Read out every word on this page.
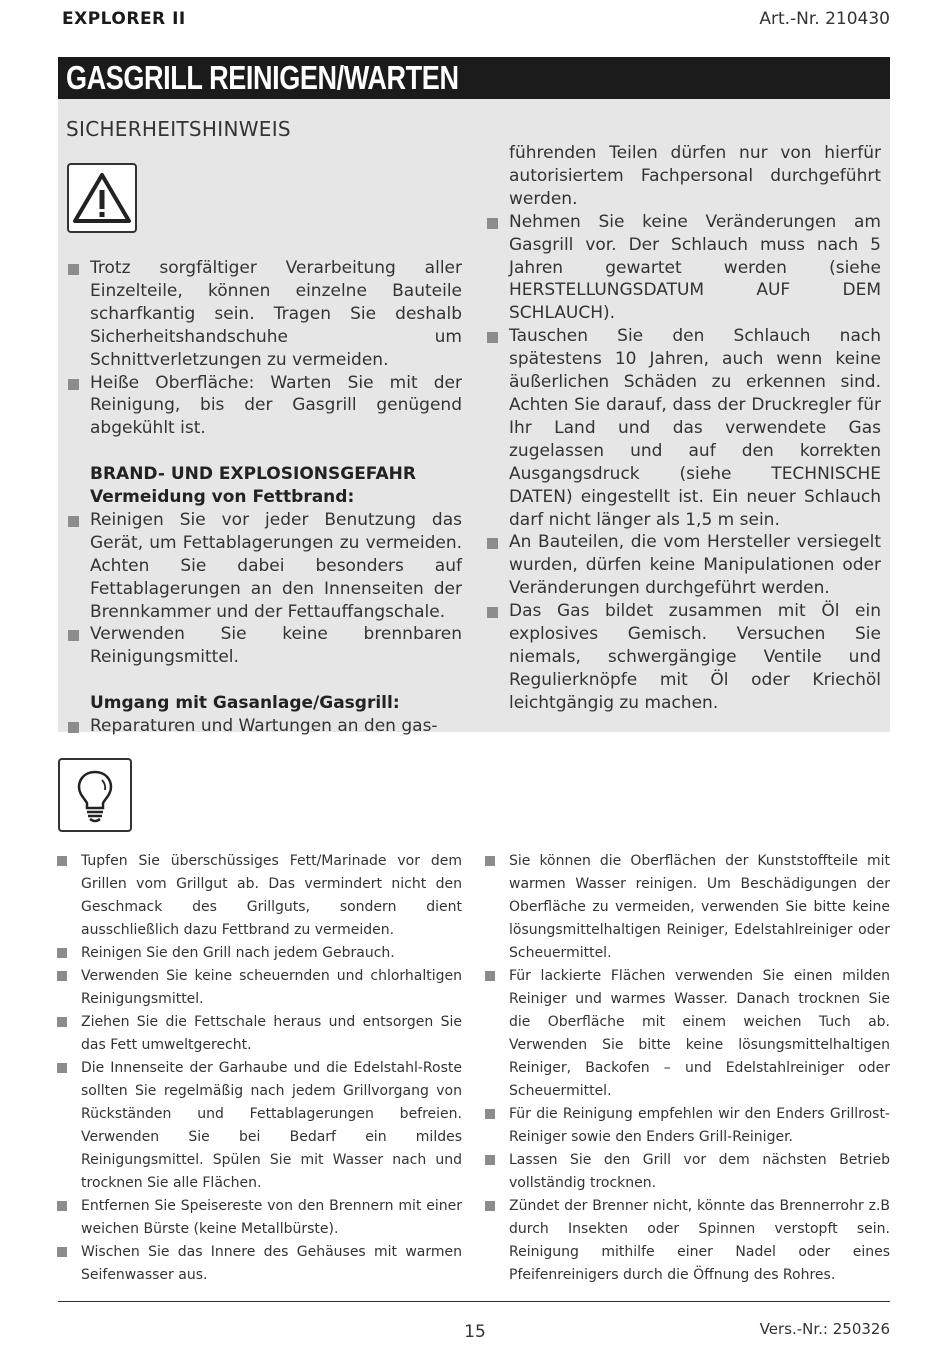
EXPLORER II	Art.-Nr. 210430
GASGRILL REINIGEN/WARTEN
SICHERHEITSHINWEIS
Trotz sorgfältiger Verarbeitung aller Einzelteile, können einzelne Bauteile scharfkantig sein. Tragen Sie deshalb Sicherheitshandschuhe um Schnittverletzungen zu vermeiden.
Heiße Oberfläche: Warten Sie mit der Reinigung, bis der Gasgrill genügend abgekühlt ist.
BRAND- UND EXPLOSIONSGEFAHR
Vermeidung von Fettbrand:
Reinigen Sie vor jeder Benutzung das Gerät, um Fettablagerungen zu vermeiden. Achten Sie dabei besonders auf Fettablagerungen an den Innenseiten der Brennkammer und der Fettauffangschale.
Verwenden Sie keine brennbaren Reinigungsmittel.
Umgang mit Gasanlage/Gasgrill:
Reparaturen und Wartungen an den gas-
führenden Teilen dürfen nur von hierfür autorisiertem Fachpersonal durchgeführt werden.
Nehmen Sie keine Veränderungen am Gasgrill vor. Der Schlauch muss nach 5 Jahren gewartet werden (siehe HERSTELLUNGSDATUM AUF DEM SCHLAUCH).
Tauschen Sie den Schlauch nach spätestens 10 Jahren, auch wenn keine äußerlichen Schäden zu erkennen sind. Achten Sie darauf, dass der Druckregler für Ihr Land und das verwendete Gas zugelassen und auf den korrekten Ausgangsdruck (siehe TECHNISCHE DATEN) eingestellt ist. Ein neuer Schlauch darf nicht länger als 1,5 m sein.
An Bauteilen, die vom Hersteller versiegelt wurden, dürfen keine Manipulationen oder Veränderungen durchgeführt werden.
Das Gas bildet zusammen mit Öl ein explosives Gemisch. Versuchen Sie niemals, schwergängige Ventile und Regulierknöpfe mit Öl oder Kriechöl leichtgängig zu machen.
Tupfen Sie überschüssiges Fett/Marinade vor dem Grillen vom Grillgut ab. Das vermindert nicht den Geschmack des Grillguts, sondern dient ausschließlich dazu Fettbrand zu vermeiden.
Reinigen Sie den Grill nach jedem Gebrauch.
Verwenden Sie keine scheuernden und chlorhaltigen Reinigungsmittel.
Ziehen Sie die Fettschale heraus und entsorgen Sie das Fett umweltgerecht.
Die Innenseite der Garhaube und die Edelstahl-Roste sollten Sie regelmäßig nach jedem Grillvorgang von Rückständen und Fettablagerungen befreien. Verwenden Sie bei Bedarf ein mildes Reinigungsmittel. Spülen Sie mit Wasser nach und trocknen Sie alle Flächen.
Entfernen Sie Speisereste von den Brennern mit einer weichen Bürste (keine Metallbürste).
Wischen Sie das Innere des Gehäuses mit warmen Seifenwasser aus.
Sie können die Oberflächen der Kunststoffteile mit warmen Wasser reinigen. Um Beschädigungen der Oberfläche zu vermeiden, verwenden Sie bitte keine lösungsmittelhaltigen Reiniger, Edelstahlreiniger oder Scheuermittel.
Für lackierte Flächen verwenden Sie einen milden Reiniger und warmes Wasser. Danach trocknen Sie die Oberfläche mit einem weichen Tuch ab. Verwenden Sie bitte keine lösungsmittelhaltigen Reiniger, Backofen – und Edelstahlreiniger oder Scheuermittel.
Für die Reinigung empfehlen wir den Enders Grillrost-Reiniger sowie den Enders Grill-Reiniger.
Lassen Sie den Grill vor dem nächsten Betrieb vollständig trocknen.
Zündet der Brenner nicht, könnte das Brennerrohr z.B durch Insekten oder Spinnen verstopft sein. Reinigung mithilfe einer Nadel oder eines Pfeifenreinigers durch die Öffnung des Rohres.
15	Vers.-Nr.: 250326
